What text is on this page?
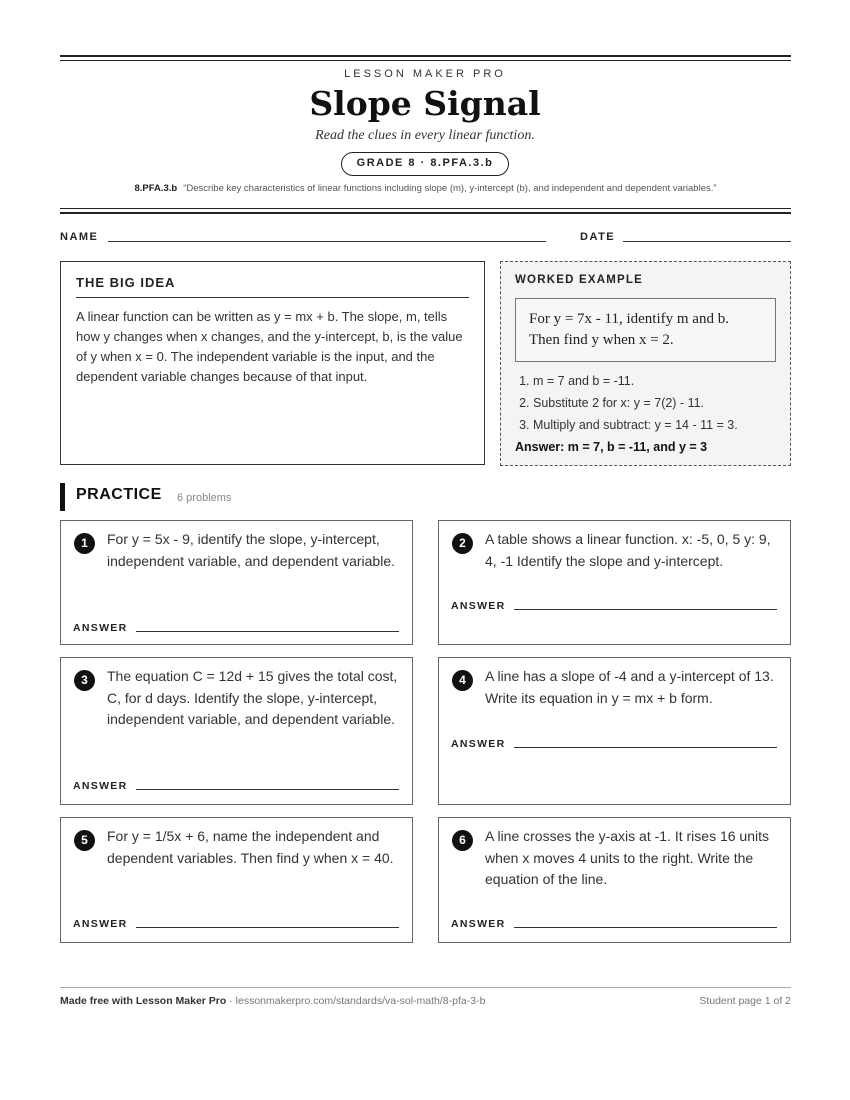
LESSON MAKER PRO
Slope Signal
Read the clues in every linear function.
GRADE 8 · 8.PFA.3.b
8.PFA.3.b “Describe key characteristics of linear functions including slope (m), y-intercept (b), and independent and dependent variables.”
NAME	DATE
THE BIG IDEA

A linear function can be written as y = mx + b. The slope, m, tells how y changes when x changes, and the y-intercept, b, is the value of y when x = 0. The independent variable is the input, and the dependent variable changes because of that input.

WORKED EXAMPLE
For y = 7x - 11, identify m and b.
Then find y when x = 2.
1. m = 7 and b = -11.
2. Substitute 2 for x: y = 7(2) - 11.
3. Multiply and subtract: y = 14 - 11 = 3.
Answer: m = 7, b = -11, and y = 3
PRACTICE 6 problems
1	For y = 5x - 9, identify the slope, y-intercept, independent variable, and dependent variable.
ANSWER
2	A table shows a linear function. x: -5, 0, 5 y: 9, 4, -1 Identify the slope and y-intercept.
ANSWER
3	The equation C = 12d + 15 gives the total cost, C, for d days. Identify the slope, y-intercept, independent variable, and dependent variable.
ANSWER
4	A line has a slope of -4 and a y-intercept of 13. Write its equation in y = mx + b form.
ANSWER
5	For y = 1/5x + 6, name the independent and dependent variables. Then find y when x = 40.
ANSWER
6	A line crosses the y-axis at -1. It rises 16 units when x moves 4 units to the right. Write the equation of the line.
ANSWER
Made free with Lesson Maker Pro · lessonmakerpro.com/standards/va-sol-math/8-pfa-3-b	Student page 1 of 2
